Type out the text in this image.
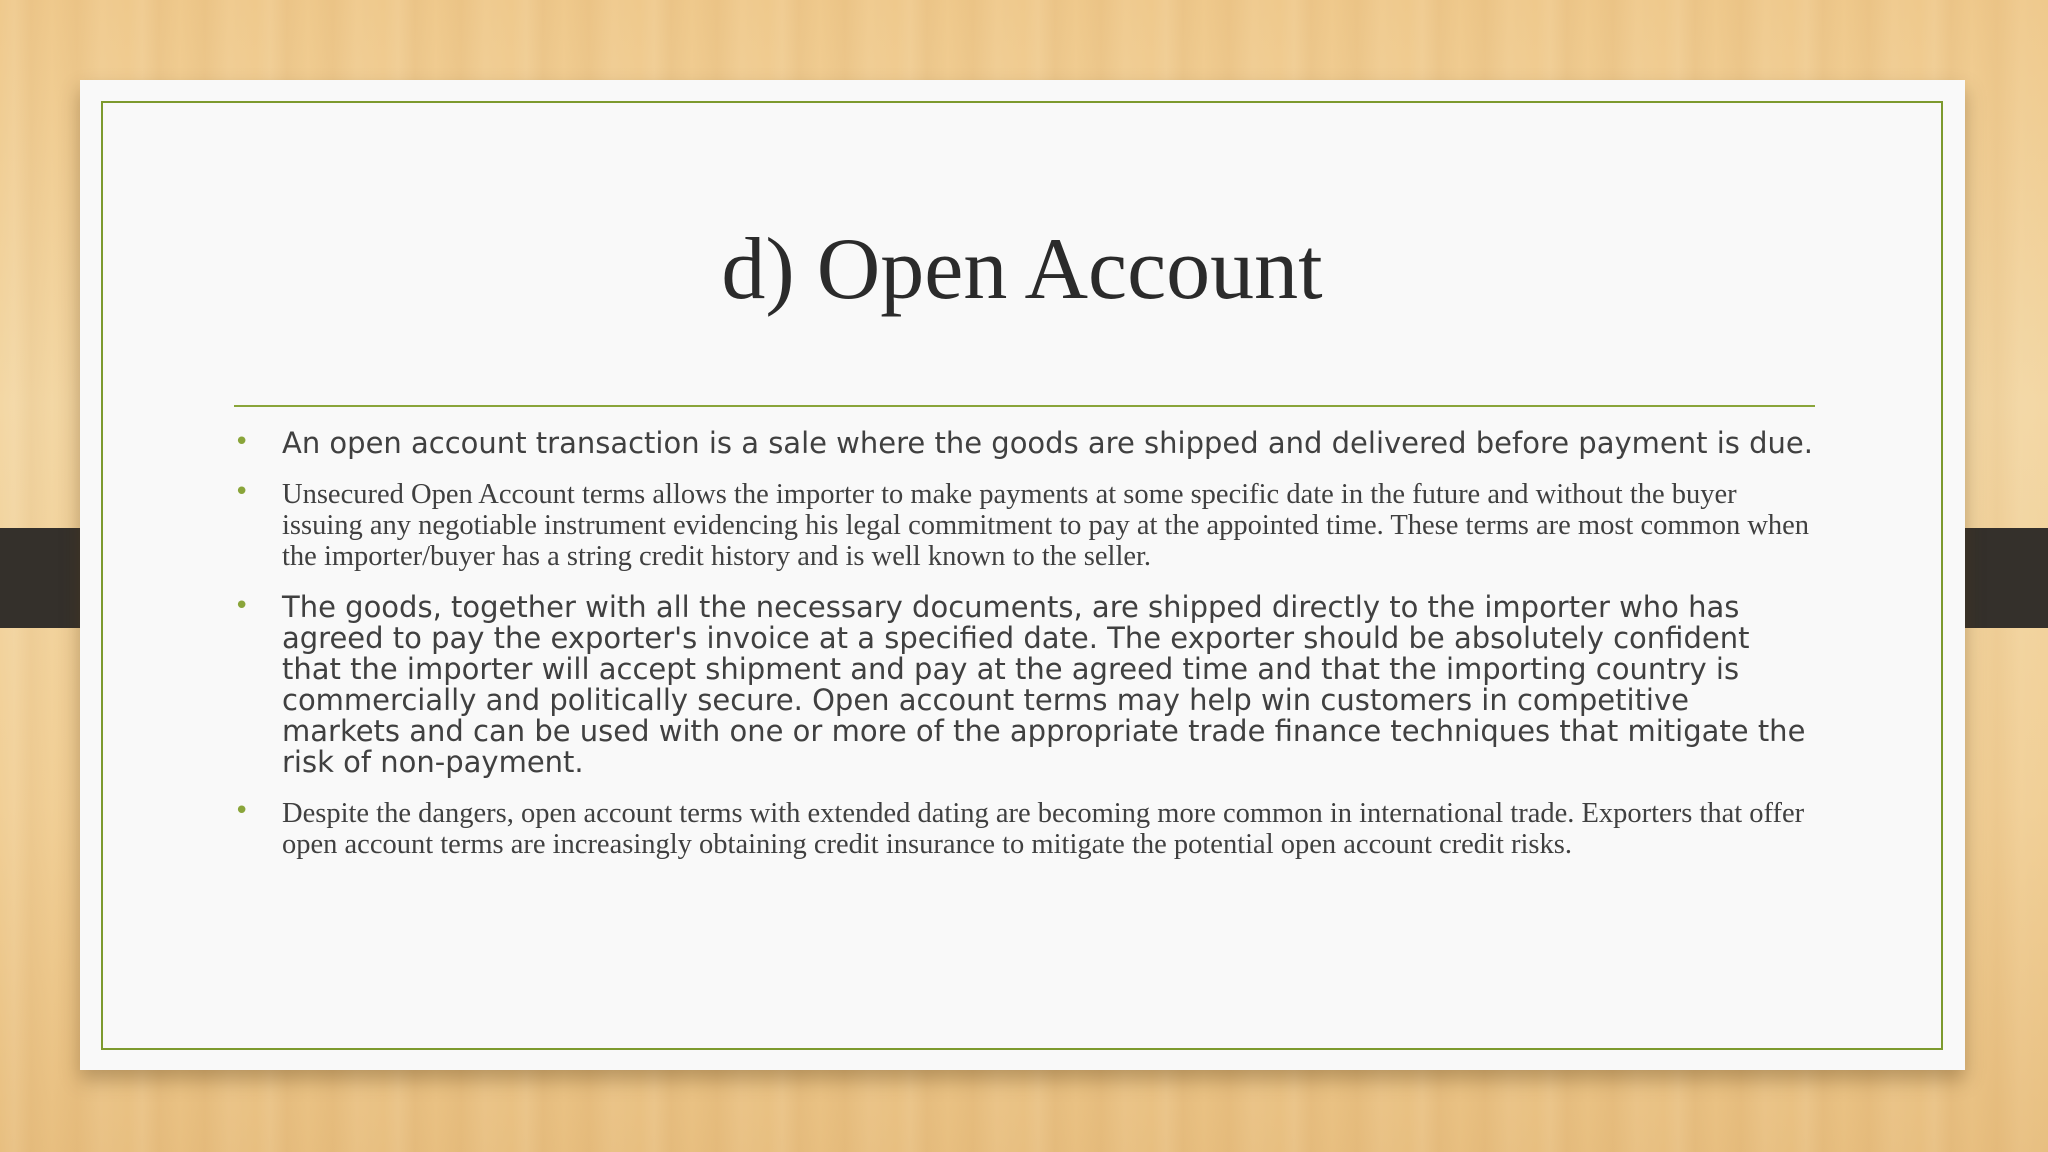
d) Open Account
• An open account transaction is a sale where the goods are shipped and delivered before payment is due.
• Unsecured Open Account terms allows the importer to make payments at some specific date in the future and without the buyer issuing any negotiable instrument evidencing his legal commitment to pay at the appointed time. These terms are most common when the importer/buyer has a string credit history and is well known to the seller.
• The goods, together with all the necessary documents, are shipped directly to the importer who has agreed to pay the exporter's invoice at a specified date. The exporter should be absolutely confident that the importer will accept shipment and pay at the agreed time and that the importing country is commercially and politically secure. Open account terms may help win customers in competitive markets and can be used with one or more of the appropriate trade finance techniques that mitigate the risk of non-payment.
• Despite the dangers, open account terms with extended dating are becoming more common in international trade. Exporters that offer open account terms are increasingly obtaining credit insurance to mitigate the potential open account credit risks.
